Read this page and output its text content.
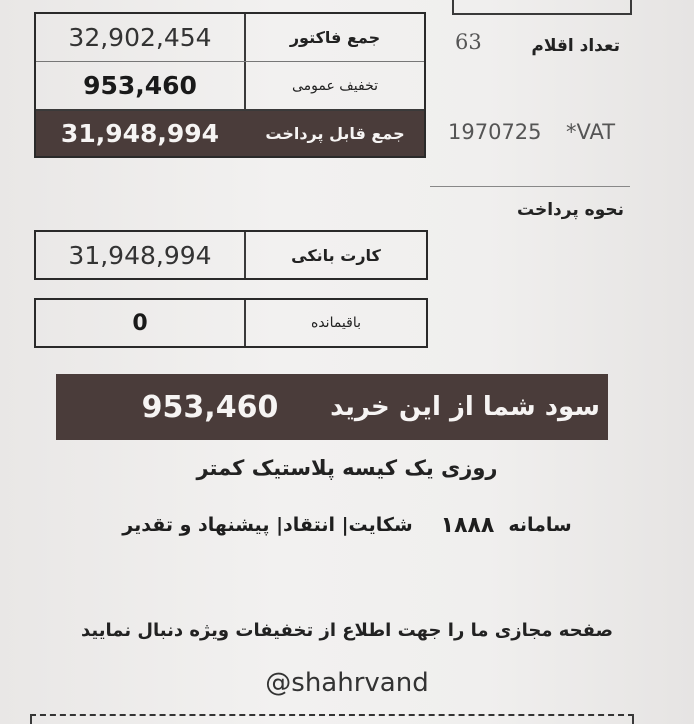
32,902,454	جمع فاکتور
953,460	تخفیف عمومی
31,948,994	جمع قابل پرداخت
تعداد اقلام
63
1970725	VAT*
نحوه پرداخت
31,948,994	کارت بانکی
0	باقیمانده
953,460	سود شما از این خرید
روزی یک کیسه پلاستیک کمتر
سامانه
۱۸۸۸
شکایت| انتقاد| پیشنهاد و تقدیر
صفحه مجازی ما را جهت اطلاع از تخفیفات ویژه دنبال نمایید
@shahrvand
